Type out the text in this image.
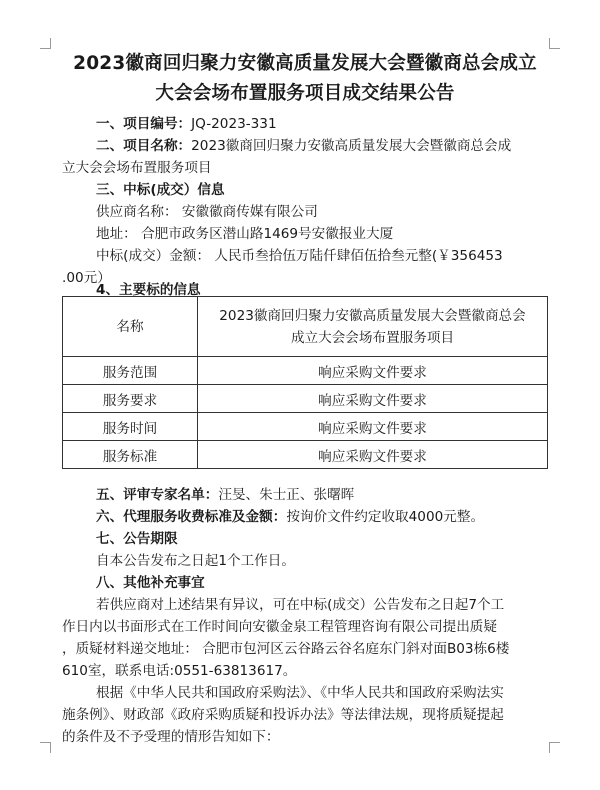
2023徽商回归聚力安徽高质量发展大会暨徽商总会成立
大会会场布置服务项目成交结果公告
一、项目编号：JQ-2023-331
二、项目名称：2023徽商回归聚力安徽高质量发展大会暨徽商总会成
立大会会场布置服务项目
三、中标(成交）信息
供应商名称： 安徽徽商传媒有限公司
地址： 合肥市政务区潜山路1469号安徽报业大厦
中标(成交）金额： 人民币叁拾伍万陆仟肆佰伍拾叁元整(￥356453
.00元）
4、主要标的信息
名称	2023徽商回归聚力安徽高质量发展大会暨徽商总会
成立大会会场布置服务项目

服务范围	响应采购文件要求
服务要求	响应采购文件要求
服务时间	响应采购文件要求
服务标准	响应采购文件要求
五、评审专家名单：汪旻、朱士正、张曙晖
六、代理服务收费标准及金额：按询价文件约定收取4000元整。
七、公告期限
自本公告发布之日起1个工作日。
八、其他补充事宜
若供应商对上述结果有异议，可在中标(成交）公告发布之日起7个工
作日内以书面形式在工作时间向安徽金泉工程管理咨询有限公司提出质疑
，质疑材料递交地址： 合肥市包河区云谷路云谷名庭东门斜对面B03栋6楼
610室，联系电话:0551-63813617。
根据《中华人民共和国政府采购法》、《中华人民共和国政府采购法实
施条例》、财政部《政府采购质疑和投诉办法》等法律法规，现将质疑提起
的条件及不予受理的情形告知如下：
